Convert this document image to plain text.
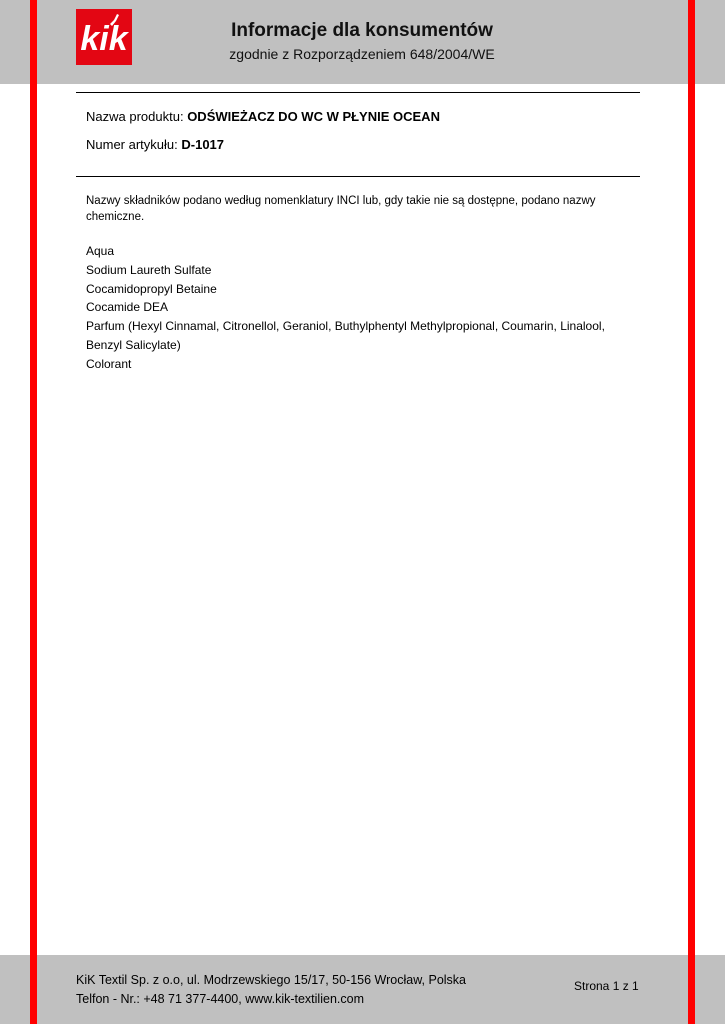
kik	Informacje dla konsumentów
zgodnie z Rozporządzeniem 648/2004/WE
Nazwa produktu: ODŚWIEŻACZ DO WC W PŁYNIE OCEAN
Numer artykułu: D-1017
Nazwy składników podano według nomenklatury INCI lub, gdy takie nie są dostępne, podano nazwy chemiczne.
Aqua
Sodium Laureth Sulfate
Cocamidopropyl Betaine
Cocamide DEA
Parfum (Hexyl Cinnamal, Citronellol, Geraniol, Buthylphentyl Methylpropional, Coumarin, Linalool, Benzyl Salicylate)
Colorant
KiK Textil Sp. z o.o, ul. Modrzewskiego 15/17, 50-156 Wrocław, Polska
Telfon - Nr.: +48 71 377-4400, www.kik-textilien.com
Strona 1 z 1
